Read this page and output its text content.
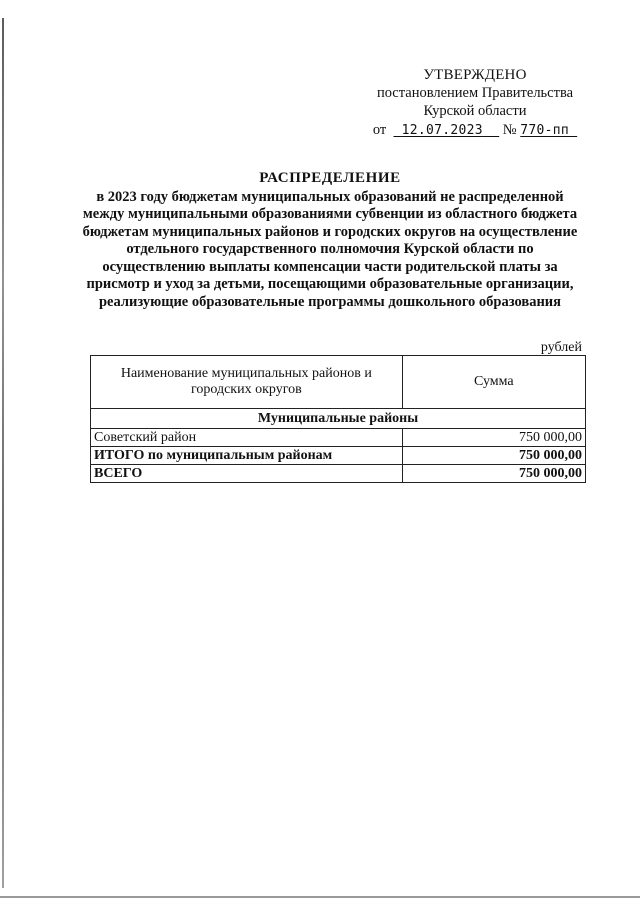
УТВЕРЖДЕНО
постановлением Правительства
Курской области
от 12.07.2023 № 770-пп
РАСПРЕДЕЛЕНИЕ
в 2023 году бюджетам муниципальных образований не распределенной между муниципальными образованиями субвенции из областного бюджета бюджетам муниципальных районов и городских округов на осуществление отдельного государственного полномочия Курской области по осуществлению выплаты компенсации части родительской платы за присмотр и уход за детьми, посещающими образовательные организации, реализующие образовательные программы дошкольного образования
рублей
Наименование муниципальных районов и городских округов	Сумма
Муниципальные районы	
Советский район	750 000,00
ИТОГО по муниципальным районам	750 000,00
ВСЕГО	750 000,00
